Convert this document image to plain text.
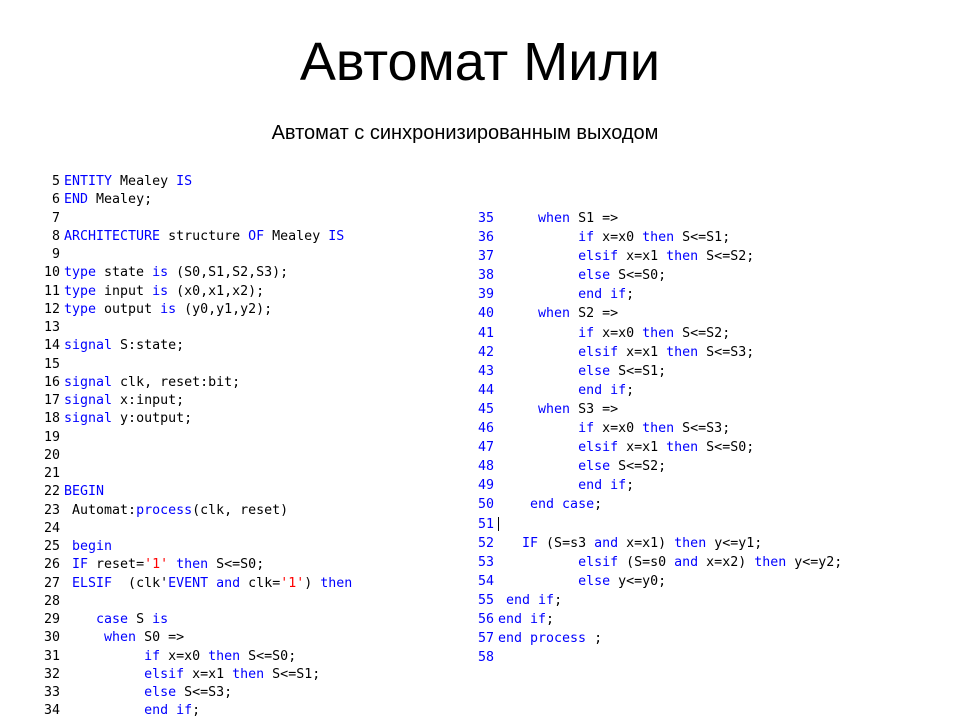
Автомат Мили
Автомат с синхронизированным выходом
5 ENTITY Mealey IS
6 END Mealey;
7
8 ARCHITECTURE structure OF Mealey IS
9
10 type state is (S0,S1,S2,S3);
11 type input is (x0,x1,x2);
12 type output is (y0,y1,y2);
13
14 signal S:state;
15
16 signal clk, reset:bit;
17 signal x:input;
18 signal y:output;
19
20
21
22 BEGIN
23 Automat:process(clk, reset)
24
25 begin
26 IF reset='1' then S<=S0;
27 ELSIF  (clk'EVENT and clk='1') then
28
29	case S is
30	when S0 =>
31	if x=x0 then S<=S0;
32	elsif x=x1 then S<=S1;
33	else S<=S3;
34	end if;
35	when S1 =>
36	if x=x0 then S<=S1;
37	elsif x=x1 then S<=S2;
38	else S<=S0;
39	end if;
40	when S2 =>
41	if x=x0 then S<=S2;
42	elsif x=x1 then S<=S3;
43	else S<=S1;
44	end if;
45	when S3 =>
46	if x=x0 then S<=S3;
47	elsif x=x1 then S<=S0;
48	else S<=S2;
49	end if;
50	end case;
51
52 IF (S=s3 and x=x1) then y<=y1;
53	elsif (S=s0 and x=x2) then y<=y2;
54	else y<=y0;
55 end if;
56 end if;
57 end process ;
58
